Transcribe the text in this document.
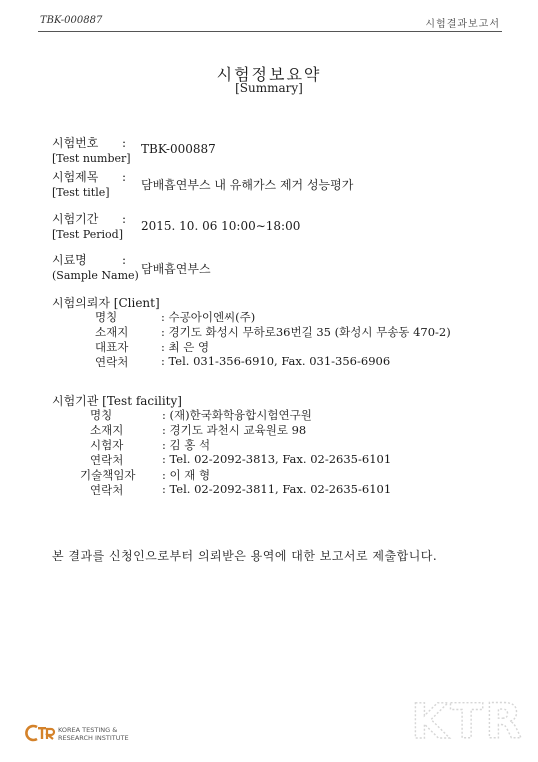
TBK-000887	시험결과보고서
시험정보요약
[Summary]
시험번호
[Test number]
: TBK-000887
시험제목
[Test title]
:
담배흡연부스 내 유해가스 제거 성능평가
시험기간
[Test Period]
: 2015. 10. 06 10:00∼18:00
시료명
(Sample Name)
:
담배흡연부스
시험의뢰자 [Client]
명칭	: 수공아이엔씨(주)
소재지	: 경기도 화성시 무하로36번길 35 (화성시 무송동 470-2)
대표자	: 최 은 영
연락처	: Tel. 031-356-6910, Fax. 031-356-6906
시험기관 [Test facility]
명칭	: (재)한국화학융합시험연구원
소재지	: 경기도 과천시 교육원로 98
시험자	: 김 홍 석
연락처	: Tel. 02-2092-3813, Fax. 02-2635-6101
기술책임자 : 이 재 형
연락처	: Tel. 02-2092-3811, Fax. 02-2635-6101
본 결과를 신청인으로부터 의뢰받은 용역에 대한 보고서로 제출합니다.
KOREA TESTING &
RESEARCH INSTITUTE	KTR
